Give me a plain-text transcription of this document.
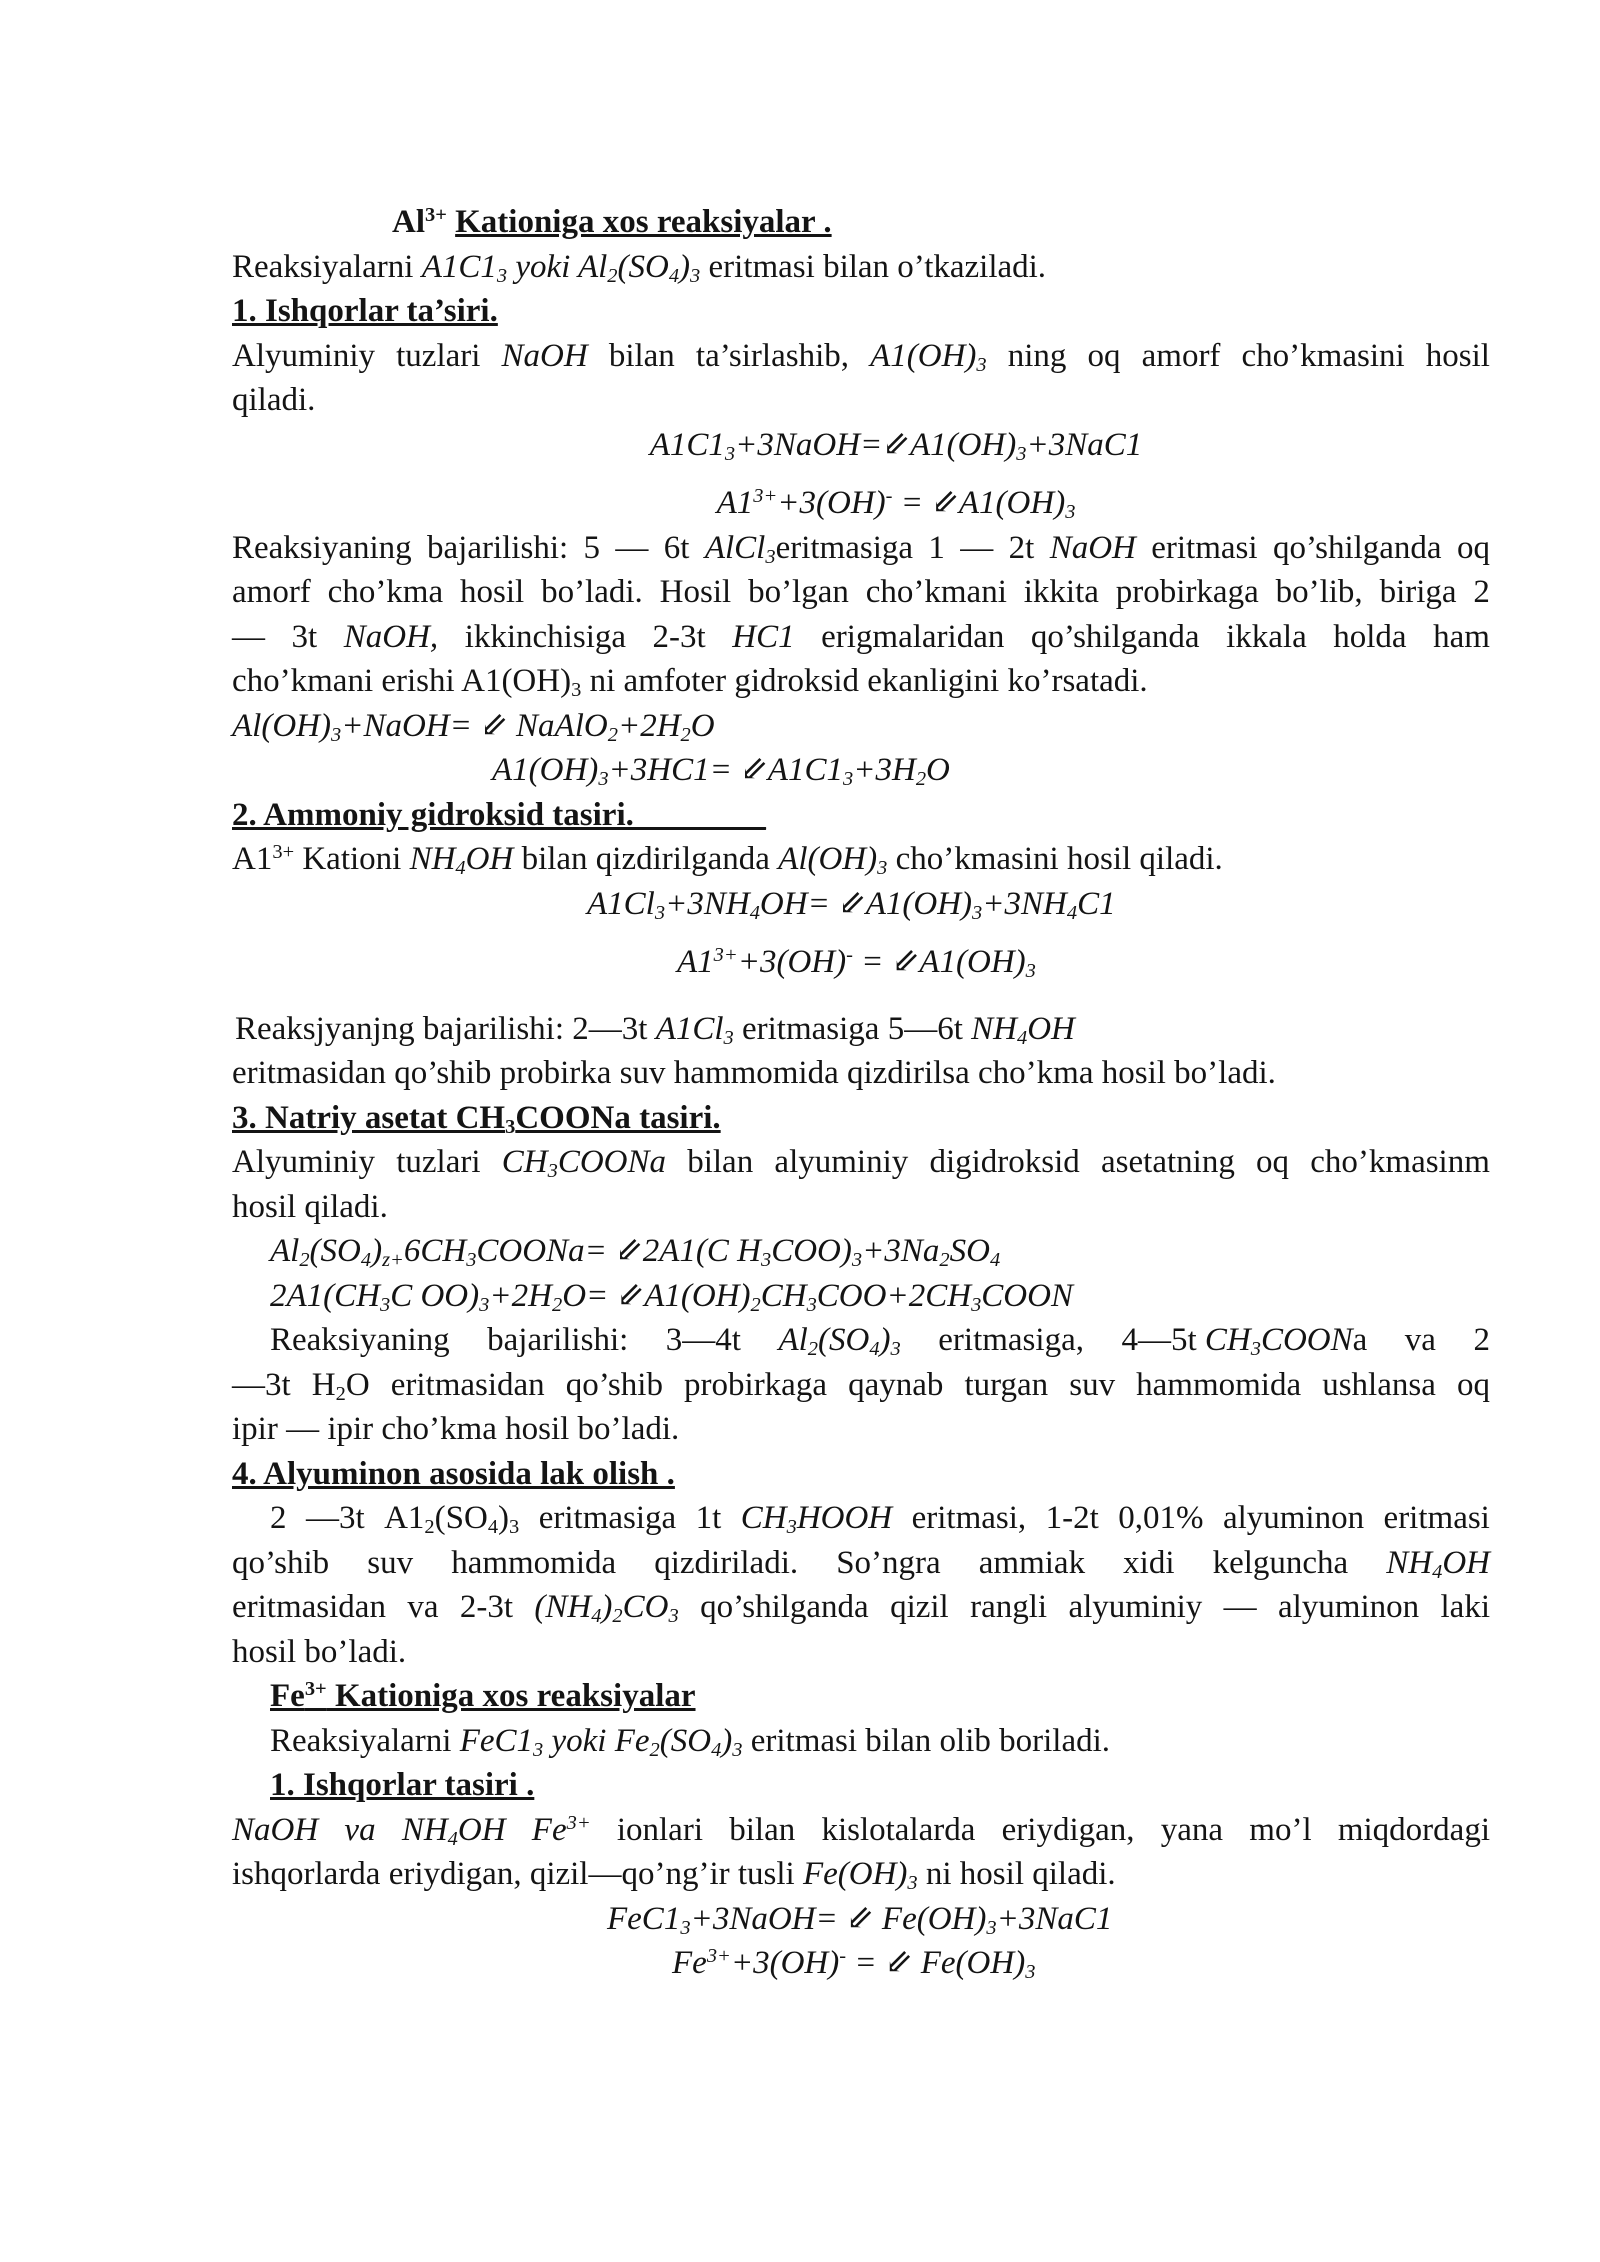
$Al^{3+}$ Kationiga xos reaksiyalar .
Reaksiyalarni $A1C1_3$ yoki $Al_2(SO_4)_3$ eritmasi bilan o’tkaziladi.
1. Ishqorlar ta’siri.
Alyuminiy tuzlari NaOH bilan ta’sirlashib, $A1(OH)_3$ ning oq amorf cho’kmasini hosil
qiladi.
$A1C1_3+3NaOH=⇙A1(OH)_3+3NaC1$
$A1^{3+}+3(OH)^-$ = $⇙A1(OH)_3$
Reaksiyaning bajarilishi: 5 — 6t AlCl$_3$eritmasiga 1 — 2t NaOH eritmasi qo’shilganda oq
amorf cho’kma hosil bo’ladi. Hosil bo’lgan cho’kmani ikkita probirkaga bo’lib, biriga 2
— 3t NaOH, ikkinchisiga 2-3t HC1 erigmalaridan qo’shilganda ikkala holda ham
cho’kmani erishi $A1(OH)_3$ ni amfoter gidroksid ekanligini ko’rsatadi.
$Al(OH)_3+NaOH=$ ⇙ $NaAlO_2+2H_2O$
$A1(OH)_3+3HC1=$ $⇙A1C1_3+3H_2O$
2. Ammoniy gidroksid tasiri.________
$A1^{3+}$ Kationi $NH_4OH$ bilan qizdirilganda $Al(OH)_3$ cho’kmasini hosil qiladi.
$A1Cl_3+3NH_4OH=$ $⇙A1(OH)_3+3NH_4C1$
$A1^{3+}+3(OH)^-$ = $⇙A1(OH)_3$
Reaksjyanjng bajarilishi: 2—3t $A1Cl_3$ eritmasiga 5—6t $NH_4OH$
eritmasidan qo’shib probirka suv hammomida qizdirilsa cho’kma hosil bo’ladi.
3. Natriy asetat $CH_3COONa$ tasiri.
Alyuminiy tuzlari $CH_3COONa$ bilan alyuminiy digidroksid asetatning oq cho’kmasinm
hosil qiladi.
$Al_2(SO_4)_{z+}6CH_3COONa=$ ⇙2A1(C $H_3COO)_3+3Na_2SO_4$
$2A1(CH_3C$ $OO)_3+2H_2O=$ $⇙A1(OH)_2CH_3COO+2CH_3COON$
Reaksiyaning bajarilishi: 3—4t $Al_2(SO_4)_3$ eritmasiga, 4—5t $CH_3COONa$ va 2
—3t $H_2O$ eritmasidan qo’shib probirkaga qaynab turgan suv hammomida ushlansa oq
ipir — ipir cho’kma hosil bo’ladi.
4. Alyuminon asosida lak olish .
2 —3t $A1_2(SO_4)_3$ eritmasiga 1t $CH_3HOOH$ eritmasi, 1-2t 0,01% alyuminon eritmasi
qo’shib suv hammomida qizdiriladi. So’ngra ammiak xidi kelguncha $NH_4OH$
eritmasidan va 2-3t $(NH_4)_2CO_3$ qo’shilganda qizil rangli alyuminiy — alyuminon laki
hosil bo’ladi.
$Fe^{3+}$ Kationiga xos reaksiyalar
Reaksiyalarni $FeC1_3$ yoki $Fe_2(SO_4)_3$ eritmasi bilan olib boriladi.
1. Ishqorlar tasiri .
NaOH va $NH_4OH$ $Fe^{3+}$ ionlari bilan kislotalarda eriydigan, yana mo’l miqdordagi
ishqorlarda eriydigan, qizil—qo’ng’ir tusli $Fe(OH)_3$ ni hosil qiladi.
$FeC1_3+3NaOH=$ ⇙ $Fe(OH)_3+3NaC1$
$Fe^{3+}+3(OH)^-$ = ⇙ $Fe(OH)_3$
